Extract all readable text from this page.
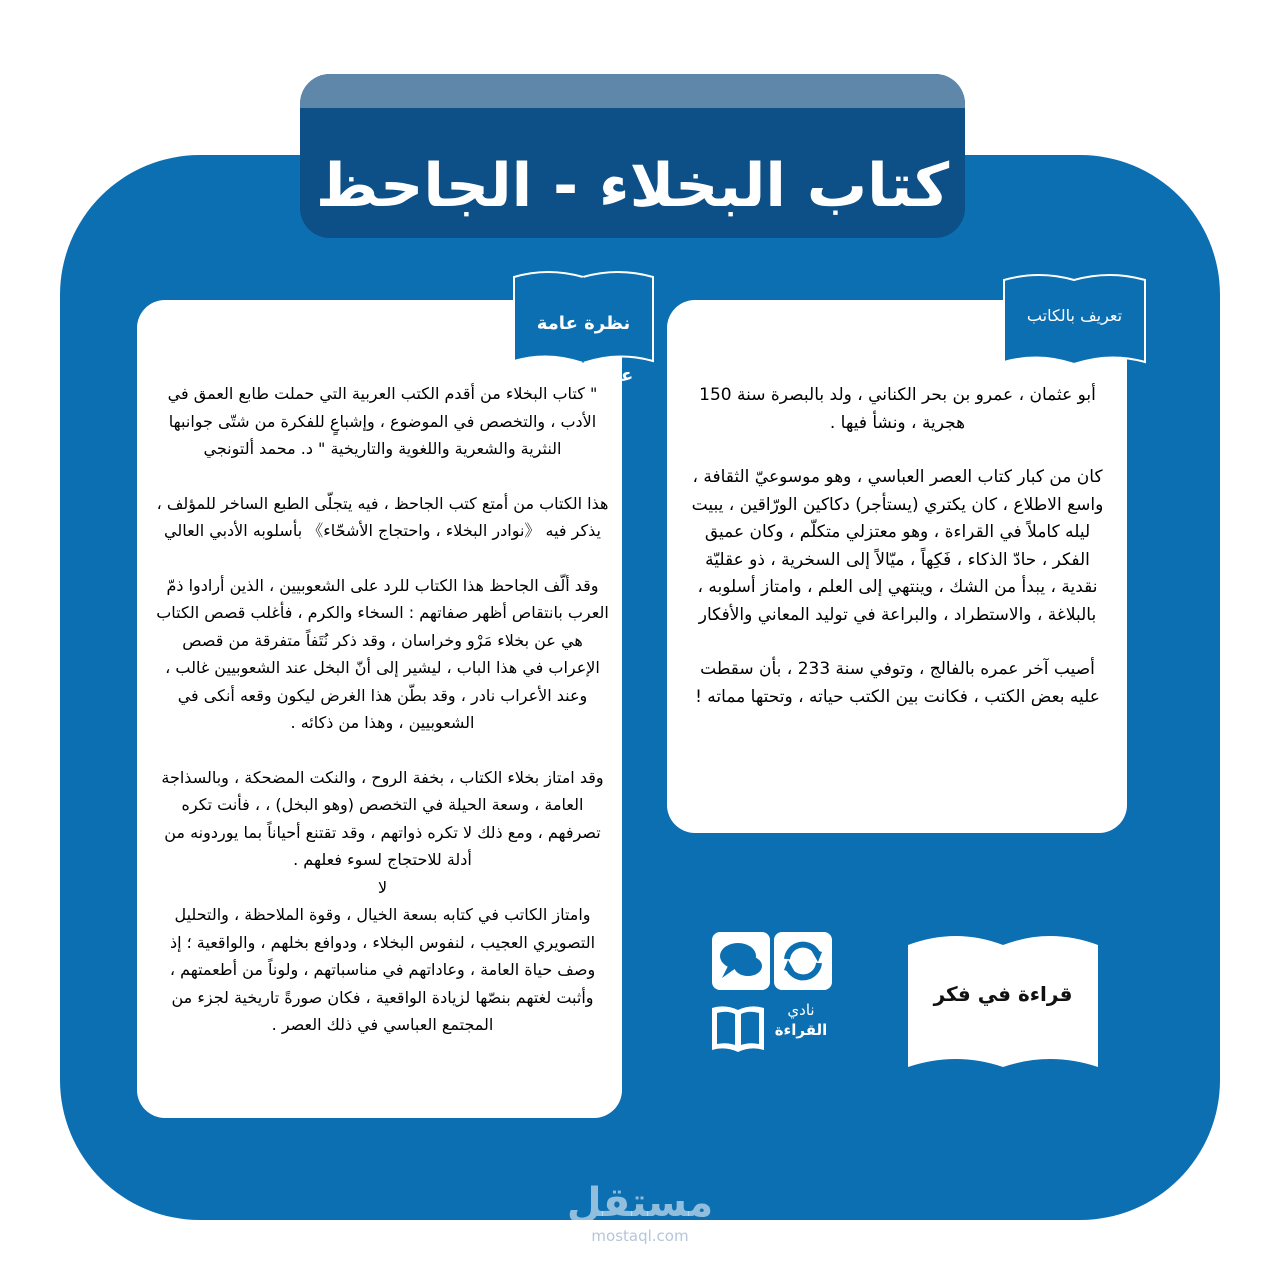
كتاب البخلاء - الجاحظ
نظرة عامة
على الكتاب
تعريف بالكاتب

" كتاب البخلاء من أقدم الكتب العربية التي حملت طابع العمق في الأدب ، والتخصص في الموضوع ، وإشباعٍ للفكرة من شتّى جوانبها النثرية والشعرية واللغوية والتاريخية " د. محمد ألتونجي

هذا الكتاب من أمتع كتب الجاحظ ، فيه يتجلّى الطبع الساخر للمؤلف ، يذكر فيه 《نوادر البخلاء ، واحتجاج الأشحّاء》 بأسلوبه الأدبي العالي

وقد ألّف الجاحظ هذا الكتاب للرد على الشعوبيين ، الذين أرادوا ذمّ العرب بانتقاص أظهر صفاتهم : السخاء والكرم ، فأغلب قصص الكتاب هي عن بخلاء مَرْو وخراسان ، وقد ذكر نُتَفاً متفرقة من قصص الإعراب في هذا الباب ، ليشير إلى أنّ البخل عند الشعوبيين غالب ، وعند الأعراب نادر ، وقد بطّن هذا الغرض ليكون وقعه أنكى في الشعوبيين ، وهذا من ذكائه .

وقد امتاز بخلاء الكتاب ، بخفة الروح ، والنكت المضحكة ، وبالسذاجة العامة ، وسعة الحيلة في التخصص (وهو البخل) ، ، فأنت تكره تصرفهم ، ومع ذلك لا تكره ذواتهم ، وقد تقتنع أحياناً بما يوردونه من أدلة للاحتجاج لسوء فعلهم .

لا

وامتاز الكاتب في كتابه بسعة الخيال ، وقوة الملاحظة ، والتحليل التصويري العجيب ، لنفوس البخلاء ، ودوافع بخلهم ، والواقعية ؛ إذ وصف حياة العامة ، وعاداتهم في مناسباتهم ، ولوناً من أطعمتهم ، وأثبت لغتهم بنصّها لزيادة الواقعية ، فكان صورةً تاريخية لجزء من المجتمع العباسي في ذلك العصر .

أبو عثمان ، عمرو بن بحر الكناني ، ولد بالبصرة سنة 150 هجرية ، ونشأ فيها .

كان من كبار كتاب العصر العباسي ، وهو موسوعيّ الثقافة ، واسع الاطلاع ، كان يكتري (يستأجر) دكاكين الورّاقين ، يبيت ليله كاملاً في القراءة ، وهو معتزلي متكلّم ، وكان عميق الفكر ، حادّ الذكاء ، فَكِهاً ، ميّالاً إلى السخرية ، ذو عقليّة نقدية ، يبدأ من الشك ، وينتهي إلى العلم ، وامتاز أسلوبه ، بالبلاغة ، والاستطراد ، والبراعة في توليد المعاني والأفكار

أصيب آخر عمره بالفالج ، وتوفي سنة 233 ، بأن سقطت عليه بعض الكتب ، فكانت بين الكتب حياته ، وتحتها مماته !

نادي
القراءة
قراءة في فكر
مستقل
mostaql.com
